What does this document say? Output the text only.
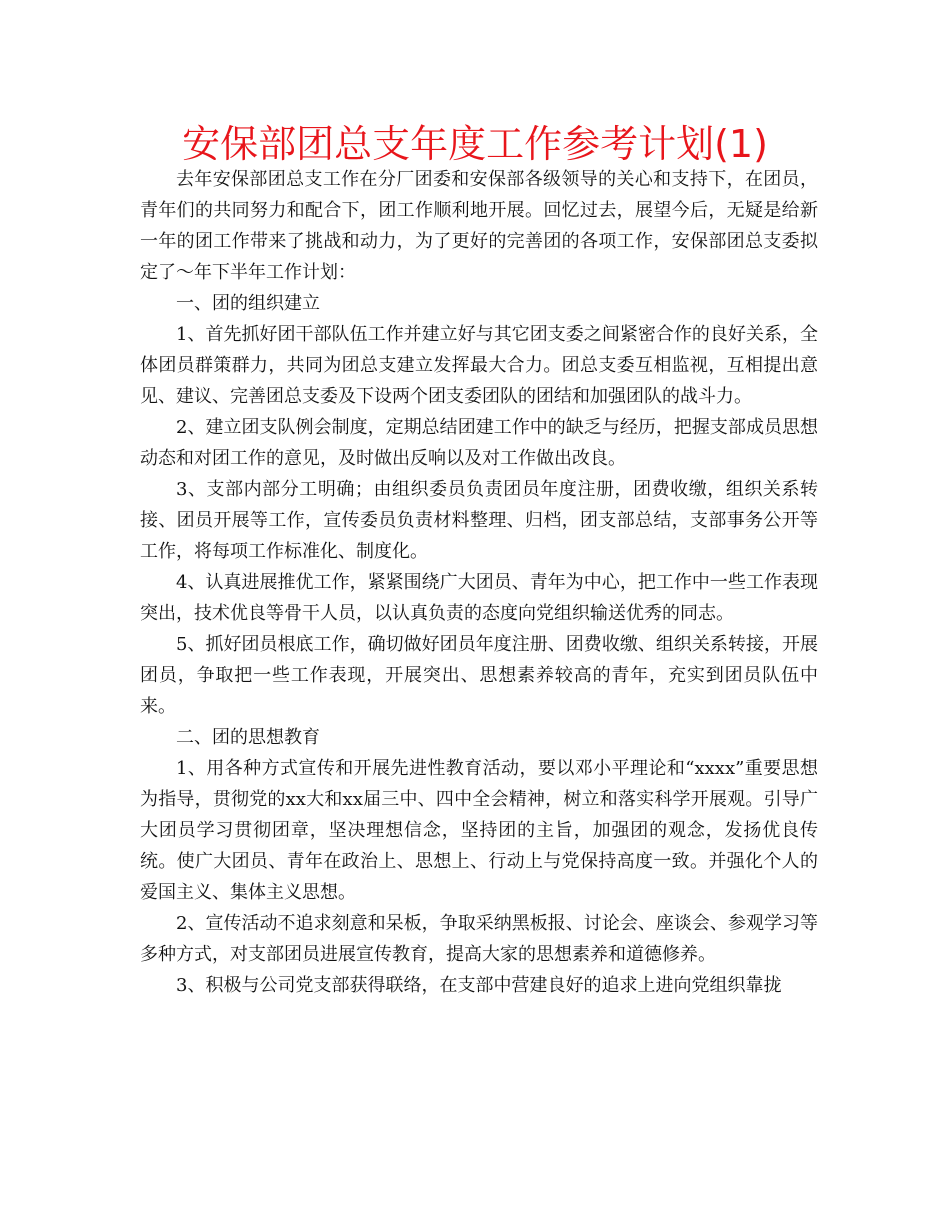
安保部团总支年度工作参考计划(1)

去年安保部团总支工作在分厂团委和安保部各级领导的关心和支持下，在团员，青年们的共同努力和配合下，团工作顺利地开展。回忆过去，展望今后，无疑是给新一年的团工作带来了挑战和动力，为了更好的完善团的各项工作，安保部团总支委拟定了～年下半年工作计划：

一、团的组织建立

1、首先抓好团干部队伍工作并建立好与其它团支委之间紧密合作的良好关系，全体团员群策群力，共同为团总支建立发挥最大合力。团总支委互相监视，互相提出意见、建议、完善团总支委及下设两个团支委团队的团结和加强团队的战斗力。

2、建立团支队例会制度，定期总结团建工作中的缺乏与经历，把握支部成员思想动态和对团工作的意见，及时做出反响以及对工作做出改良。

3、支部内部分工明确；由组织委员负责团员年度注册，团费收缴，组织关系转接、团员开展等工作，宣传委员负责材料整理、归档，团支部总结，支部事务公开等工作，将每项工作标准化、制度化。

4、认真进展推优工作，紧紧围绕广大团员、青年为中心，把工作中一些工作表现突出，技术优良等骨干人员，以认真负责的态度向党组织输送优秀的同志。

5、抓好团员根底工作，确切做好团员年度注册、团费收缴、组织关系转接，开展团员，争取把一些工作表现，开展突出、思想素养较高的青年，充实到团员队伍中来。

二、团的思想教育

1、用各种方式宣传和开展先进性教育活动，要以邓小平理论和“xxxx”重要思想为指导，贯彻党的xx大和xx届三中、四中全会精神，树立和落实科学开展观。引导广大团员学习贯彻团章，坚决理想信念，坚持团的主旨，加强团的观念，发扬优良传统。使广大团员、青年在政治上、思想上、行动上与党保持高度一致。并强化个人的爱国主义、集体主义思想。

2、宣传活动不追求刻意和呆板，争取采纳黑板报、讨论会、座谈会、参观学习等多种方式，对支部团员进展宣传教育，提高大家的思想素养和道德修养。

3、积极与公司党支部获得联络，在支部中营建良好的追求上进向党组织靠拢
